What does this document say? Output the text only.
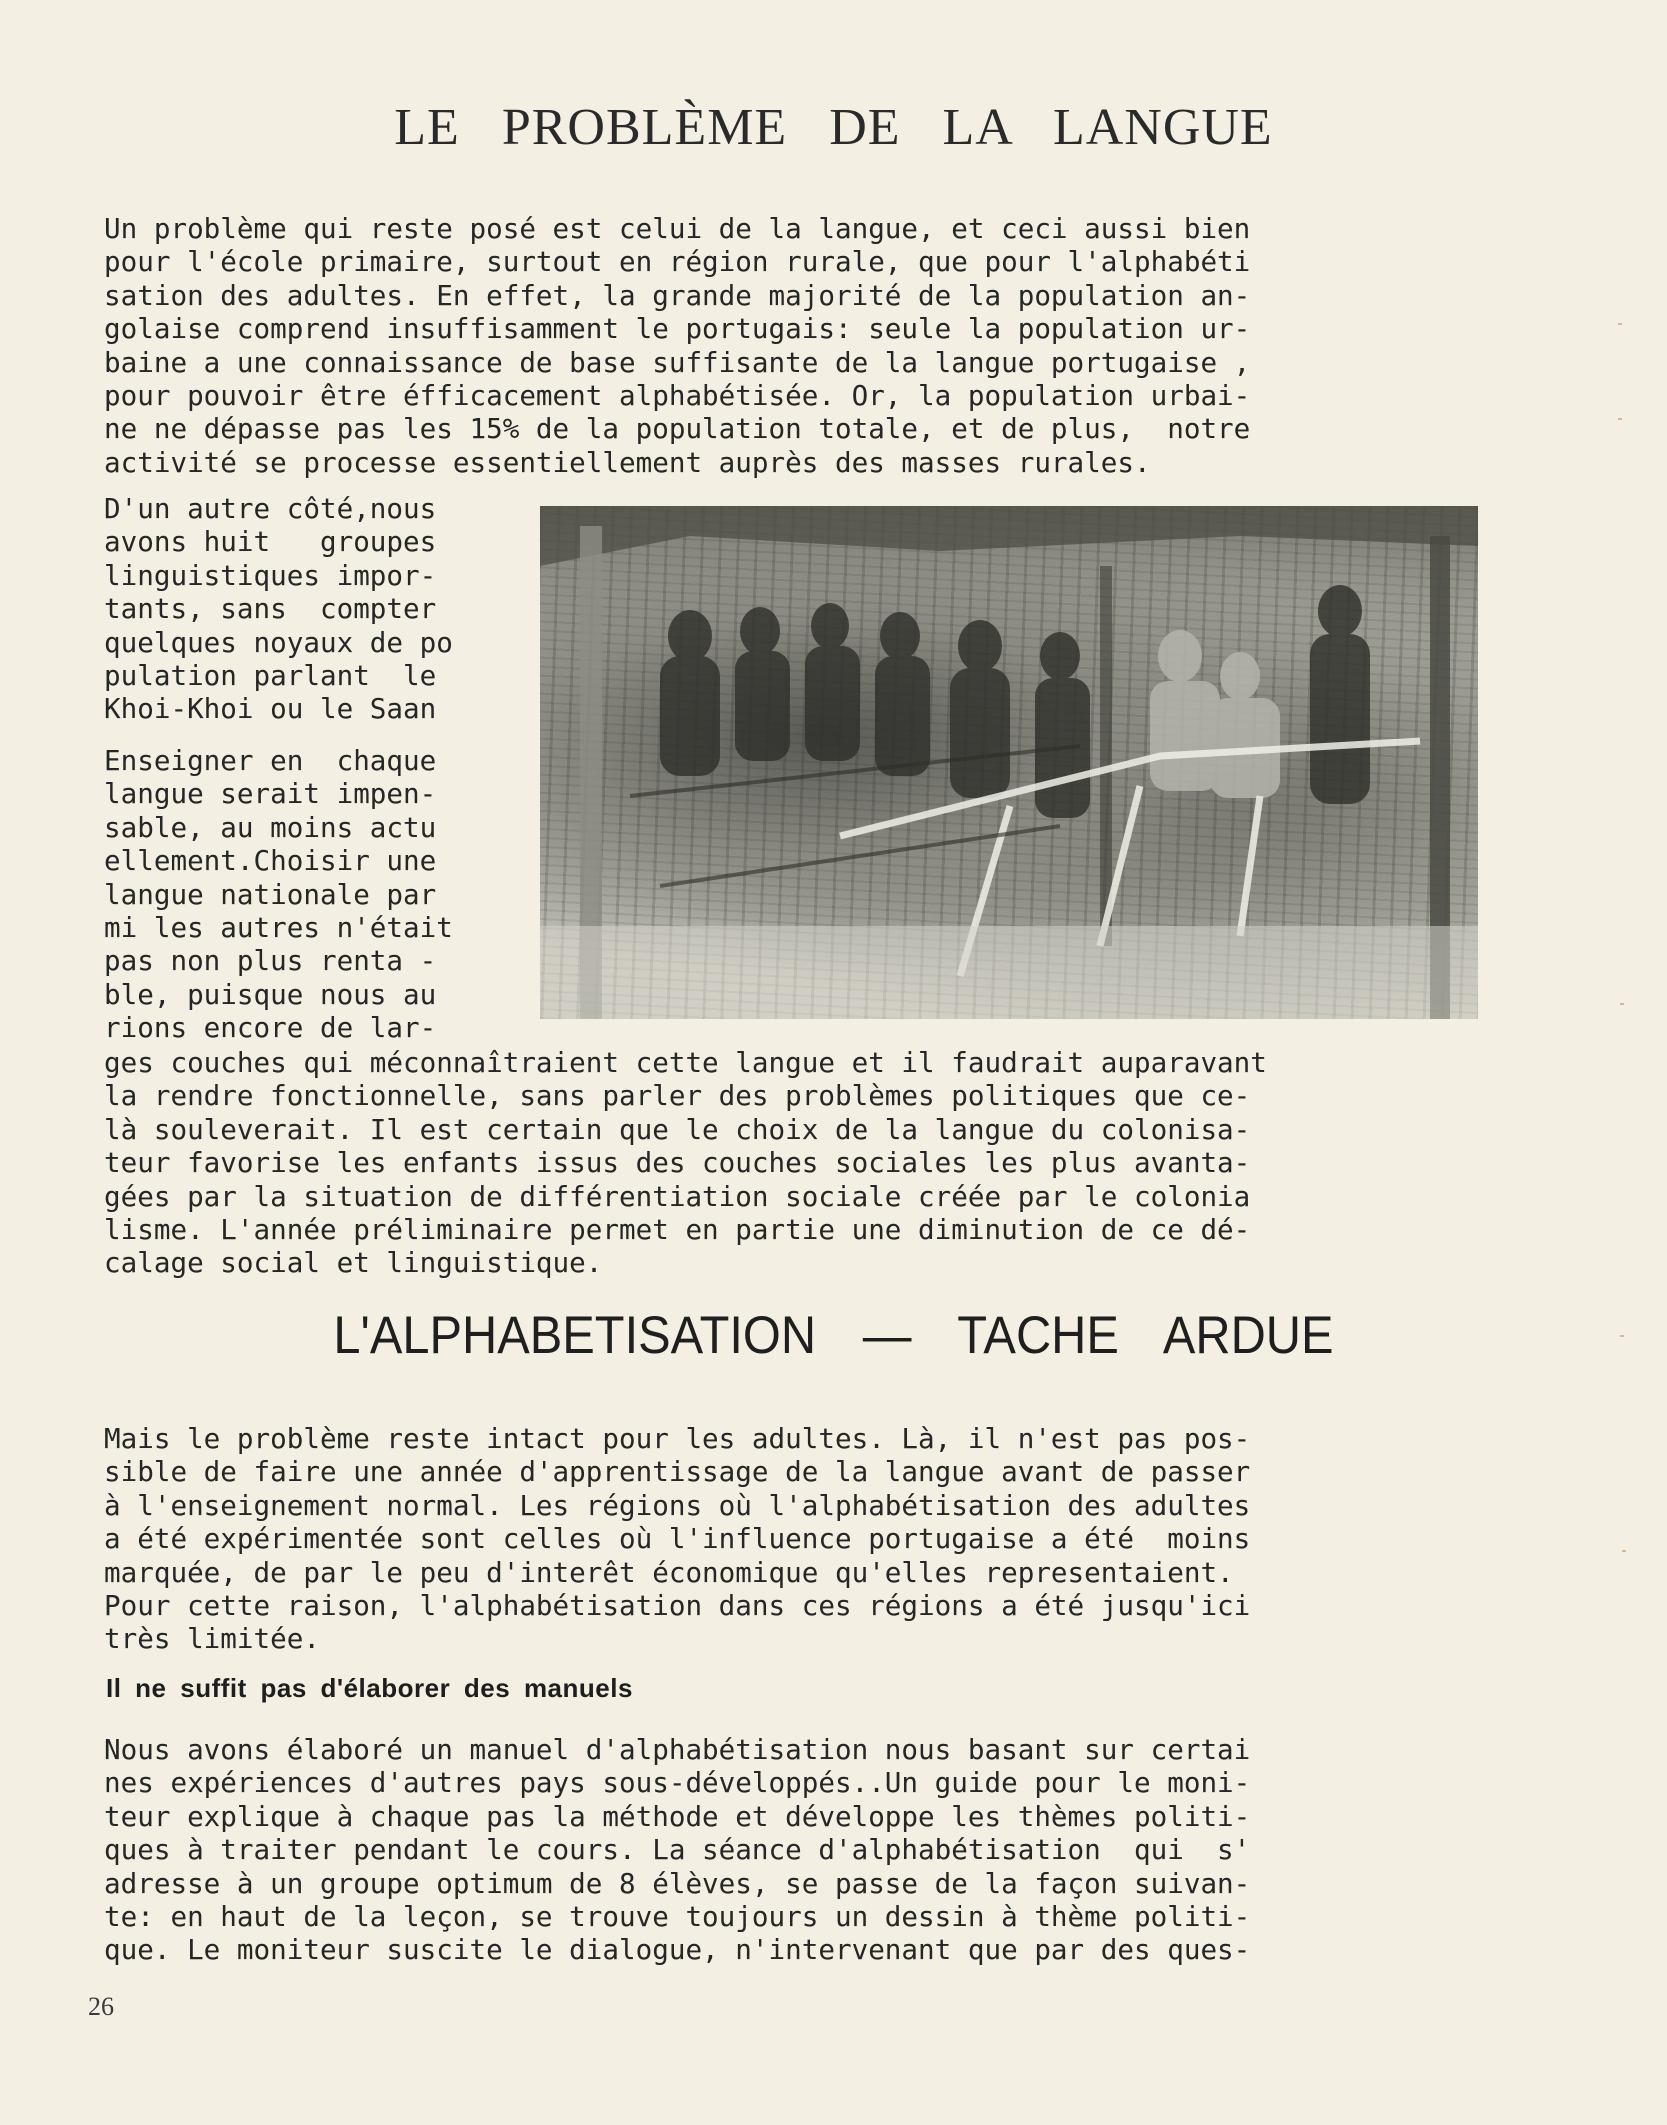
LE PROBLÈME DE LA LANGUE
Un problème qui reste posé est celui de la langue, et ceci aussi bien
pour l'école primaire, surtout en région rurale, que pour l'alphabéti
sation des adultes. En effet, la grande majorité de la population an-
golaise comprend insuffisamment le portugais: seule la population ur-
baine a une connaissance de base suffisante de la langue portugaise ,
pour pouvoir être éfficacement alphabétisée. Or, la population urbai-
ne ne dépasse pas les 15% de la population totale, et de plus,  notre
activité se processe essentiellement auprès des masses rurales.
D'un autre côté,nous
avons huit   groupes
linguistiques impor-
tants, sans  compter
quelques noyaux de po
pulation parlant  le
Khoi-Khoi ou le Saan
Enseigner en  chaque
langue serait impen-
sable, au moins actu
ellement.Choisir une
langue nationale par
mi les autres n'était
pas non plus renta -
ble, puisque nous au
rions encore de lar-
ges couches qui méconnaîtraient cette langue et il faudrait auparavant
la rendre fonctionnelle, sans parler des problèmes politiques que ce-
là souleverait. Il est certain que le choix de la langue du colonisa-
teur favorise les enfants issus des couches sociales les plus avanta-
gées par la situation de différentiation sociale créée par le colonia
lisme. L'année préliminaire permet en partie une diminution de ce dé-
calage social et linguistique.
L'ALPHABETISATION — TACHE ARDUE
Mais le problème reste intact pour les adultes. Là, il n'est pas pos-
sible de faire une année d'apprentissage de la langue avant de passer
à l'enseignement normal. Les régions où l'alphabétisation des adultes
a été expérimentée sont celles où l'influence portugaise a été  moins
marquée, de par le peu d'interêt économique qu'elles representaient.
Pour cette raison, l'alphabétisation dans ces régions a été jusqu'ici
très limitée.
Il ne suffit pas d'élaborer des manuels
Nous avons élaboré un manuel d'alphabétisation nous basant sur certai
nes expériences d'autres pays sous-développés..Un guide pour le moni-
teur explique à chaque pas la méthode et développe les thèmes politi-
ques à traiter pendant le cours. La séance d'alphabétisation  qui  s'
adresse à un groupe optimum de 8 élèves, se passe de la façon suivan-
te: en haut de la leçon, se trouve toujours un dessin à thème politi-
que. Le moniteur suscite le dialogue, n'intervenant que par des ques-

26
